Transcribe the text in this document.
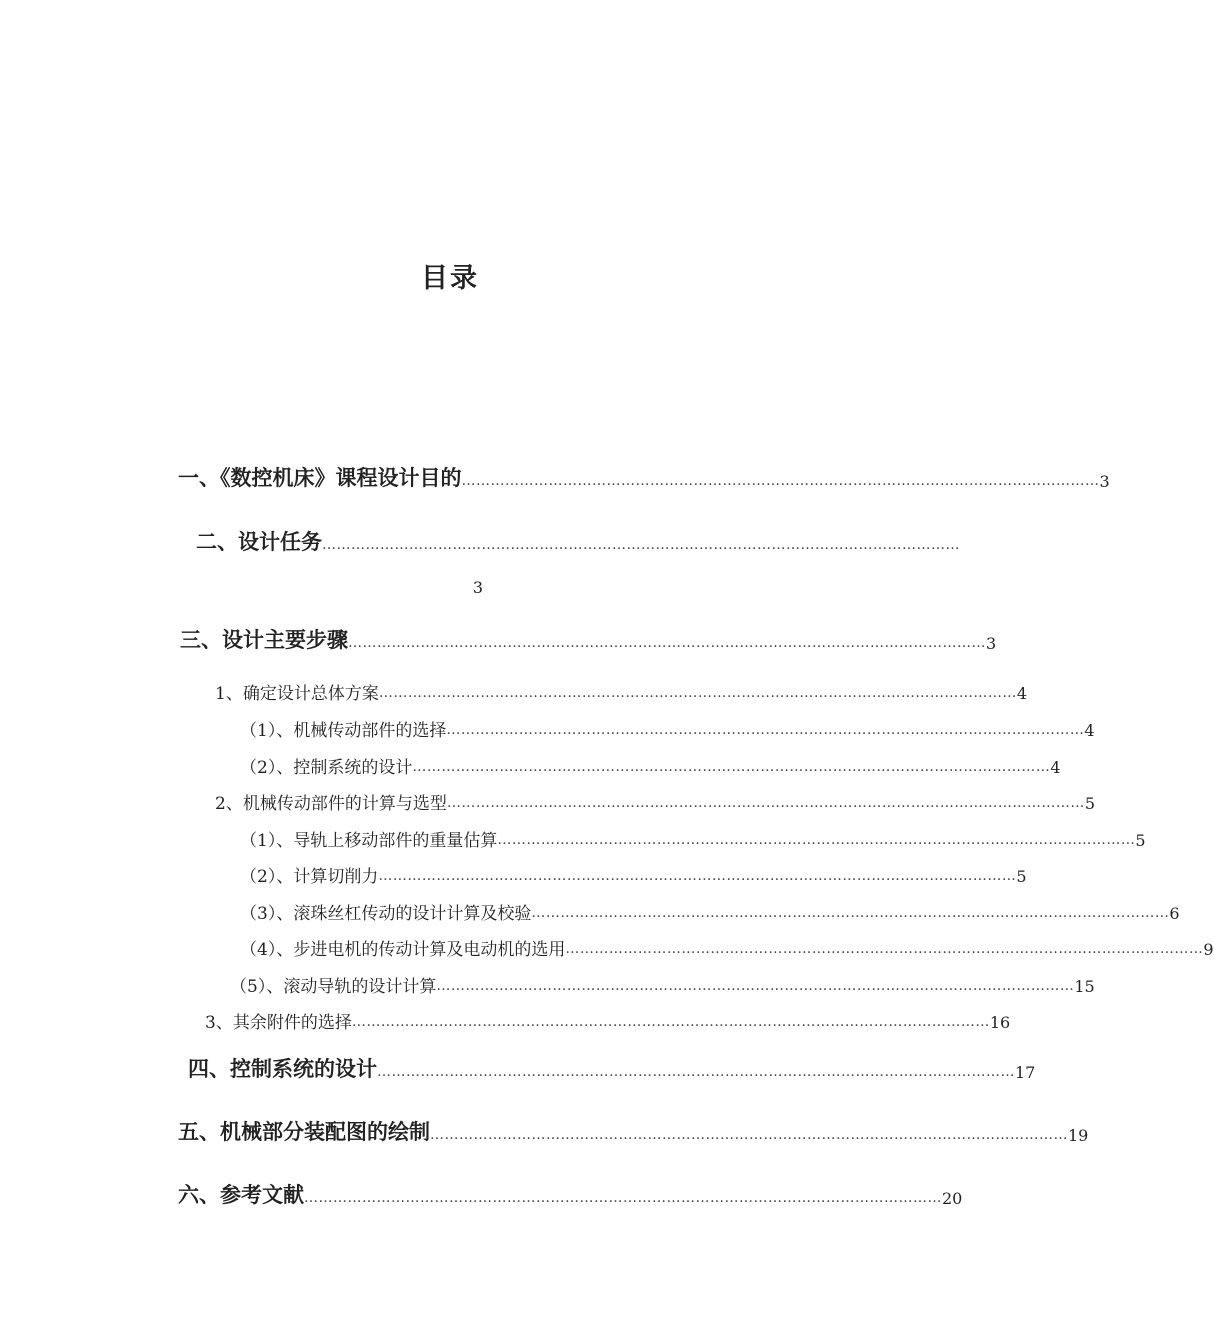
目录
一、《数控机床》课程设计目的 …………………………………………………………………………………………………………………… 3
二、设计任务 ……………………………………………………………………………………………………………………
3
三、设计主要步骤 …………………………………………………………………………………………………………………… 3
1、确定设计总体方案 …………………………………………………………………………………………………………………… 4
（1）、机械传动部件的选择 …………………………………………………………………………………………………………………… 4
（2）、控制系统的设计 …………………………………………………………………………………………………………………… 4
2、机械传动部件的计算与选型 …………………………………………………………………………………………………………………… 5
（1）、导轨上移动部件的重量估算 …………………………………………………………………………………………………………………… 5
（2）、计算切削力 …………………………………………………………………………………………………………………… 5
（3）、滚珠丝杠传动的设计计算及校验 …………………………………………………………………………………………………………………… 6
（4）、步进电机的传动计算及电动机的选用 …………………………………………………………………………………………………………………… 9
（5）、滚动导轨的设计计算 …………………………………………………………………………………………………………………… 15
3、其余附件的选择 …………………………………………………………………………………………………………………… 16
四、控制系统的设计 …………………………………………………………………………………………………………………… 17
五、机械部分装配图的绘制 …………………………………………………………………………………………………………………… 19
六、参考文献 …………………………………………………………………………………………………………………… 20
